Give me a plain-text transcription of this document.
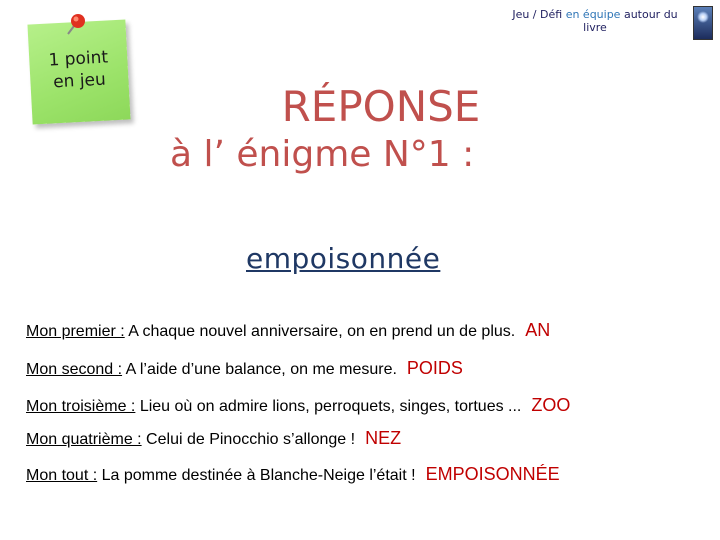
1 point
en jeu
Jeu / Défi en équipe autour du
livre
RÉPONSE
à l’ énigme N°1 :
empoisonnée
Mon premier : A chaque nouvel anniversaire, on en prend un de plus. AN
Mon second : A l’aide d’une balance, on me mesure. POIDS
Mon troisième : Lieu où on admire lions, perroquets, singes, tortues ... ZOO
Mon quatrième : Celui de Pinocchio s’allonge ! NEZ
Mon tout : La pomme destinée à Blanche-Neige l’était ! EMPOISONNÉE
